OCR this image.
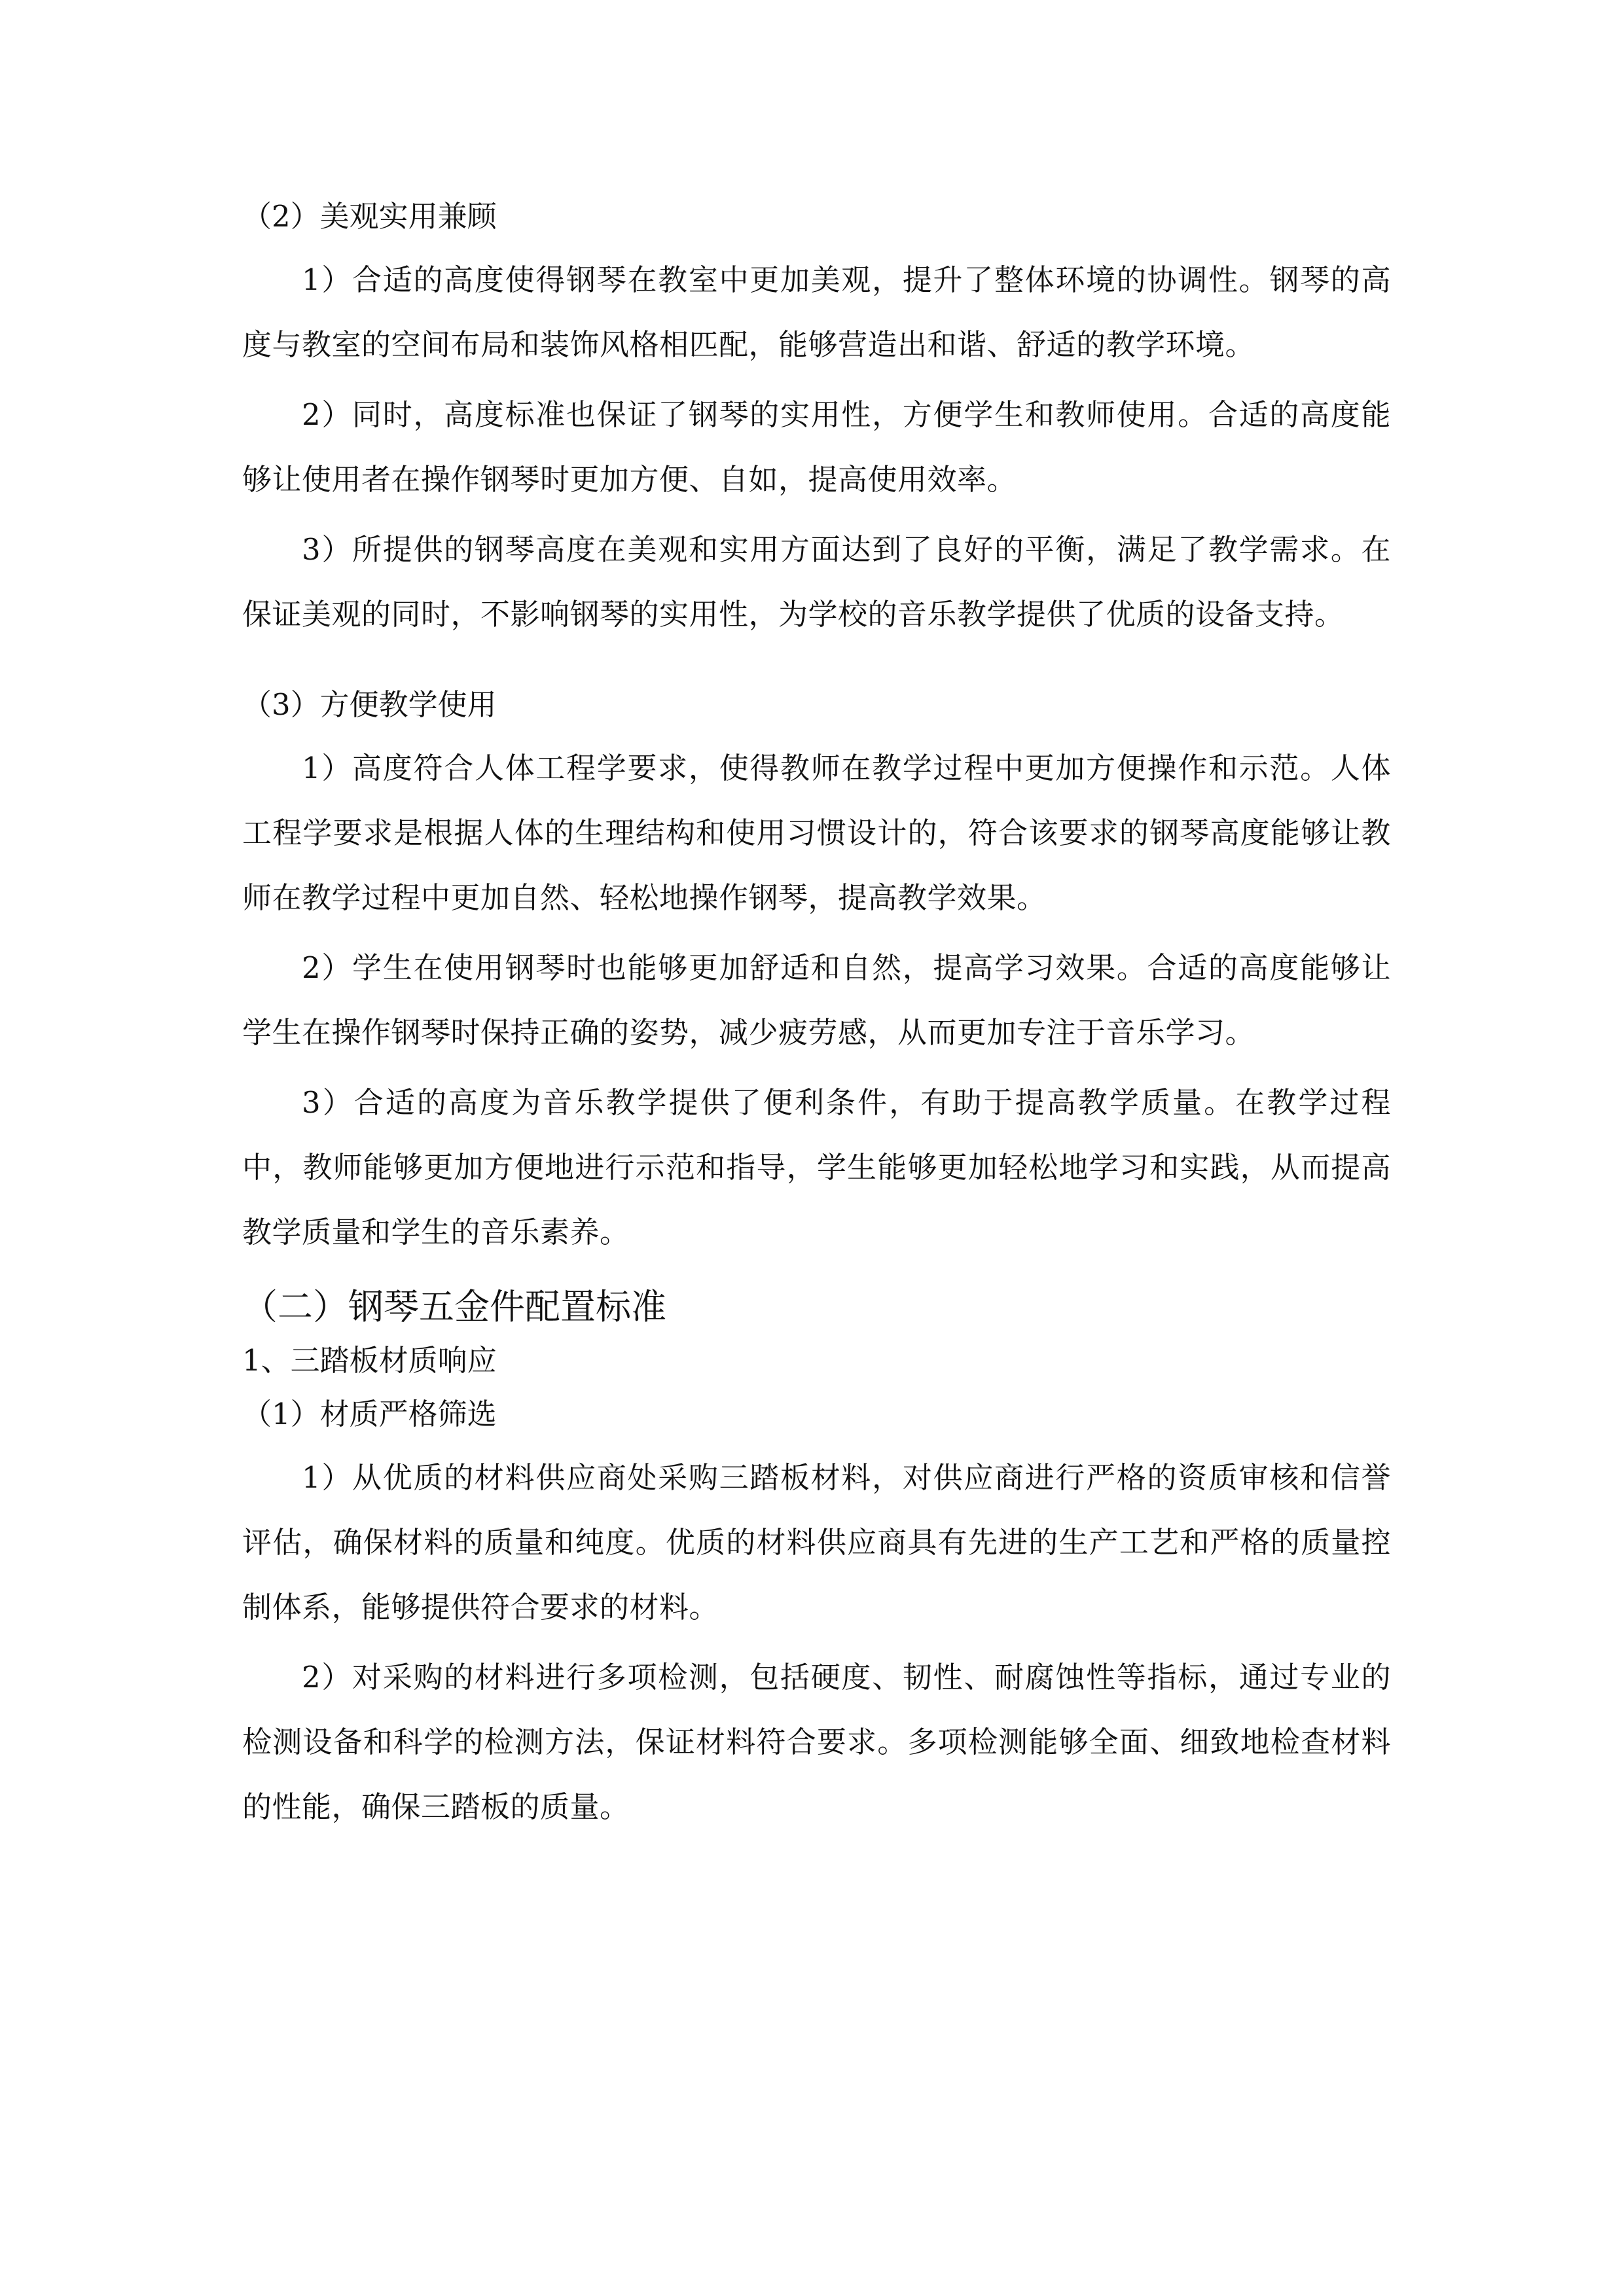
（2）美观实用兼顾

1）合适的高度使得钢琴在教室中更加美观，提升了整体环境的协调性。钢琴的高度与教室的空间布局和装饰风格相匹配，能够营造出和谐、舒适的教学环境。

2）同时，高度标准也保证了钢琴的实用性，方便学生和教师使用。合适的高度能够让使用者在操作钢琴时更加方便、自如，提高使用效率。

3）所提供的钢琴高度在美观和实用方面达到了良好的平衡，满足了教学需求。在保证美观的同时，不影响钢琴的实用性，为学校的音乐教学提供了优质的设备支持。

（3）方便教学使用

1）高度符合人体工程学要求，使得教师在教学过程中更加方便操作和示范。人体工程学要求是根据人体的生理结构和使用习惯设计的，符合该要求的钢琴高度能够让教师在教学过程中更加自然、轻松地操作钢琴，提高教学效果。

2）学生在使用钢琴时也能够更加舒适和自然，提高学习效果。合适的高度能够让学生在操作钢琴时保持正确的姿势，减少疲劳感，从而更加专注于音乐学习。

3）合适的高度为音乐教学提供了便利条件，有助于提高教学质量。在教学过程中，教师能够更加方便地进行示范和指导，学生能够更加轻松地学习和实践，从而提高教学质量和学生的音乐素养。

（二）钢琴五金件配置标准
1、三踏板材质响应
（1）材质严格筛选

1）从优质的材料供应商处采购三踏板材料，对供应商进行严格的资质审核和信誉评估，确保材料的质量和纯度。优质的材料供应商具有先进的生产工艺和严格的质量控制体系，能够提供符合要求的材料。

2）对采购的材料进行多项检测，包括硬度、韧性、耐腐蚀性等指标，通过专业的检测设备和科学的检测方法，保证材料符合要求。多项检测能够全面、细致地检查材料的性能，确保三踏板的质量。
